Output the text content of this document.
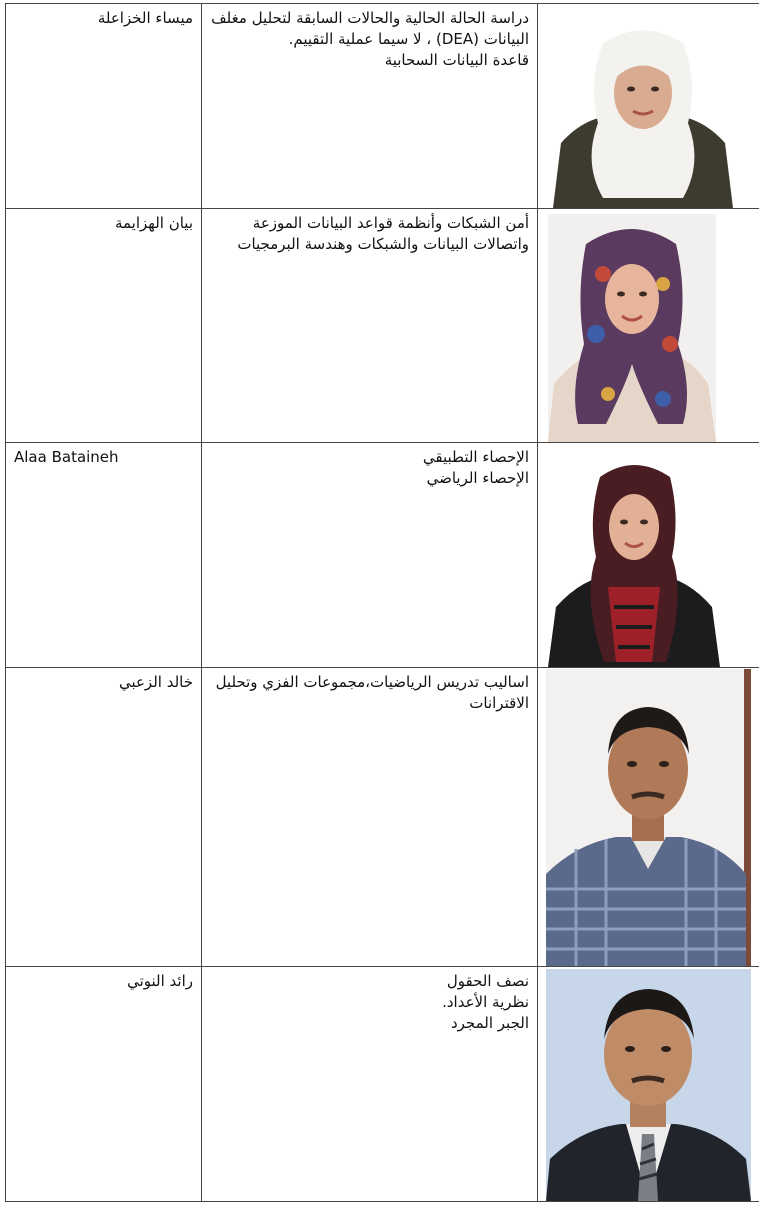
ميساء الخزاعلة	دراسة الحالة الحالية والحالات السابقة لتحليل مغلف البيانات (DEA) ، لا سيما عملية التقييم.
قاعدة البيانات السحابية

بيان الهزايمة	أمن الشبكات وأنظمة قواعد البيانات الموزعة واتصالات البيانات والشبكات وهندسة البرمجيات

Alaa Bataineh	الإحصاء التطبيقي
الإحصاء الرياضي

خالد الزعبي	اساليب تدريس الرياضيات،مجموعات الفزي وتحليل الاقترانات

رائد النوتي	نصف الحقول
نظرية الأعداد.
الجبر المجرد
